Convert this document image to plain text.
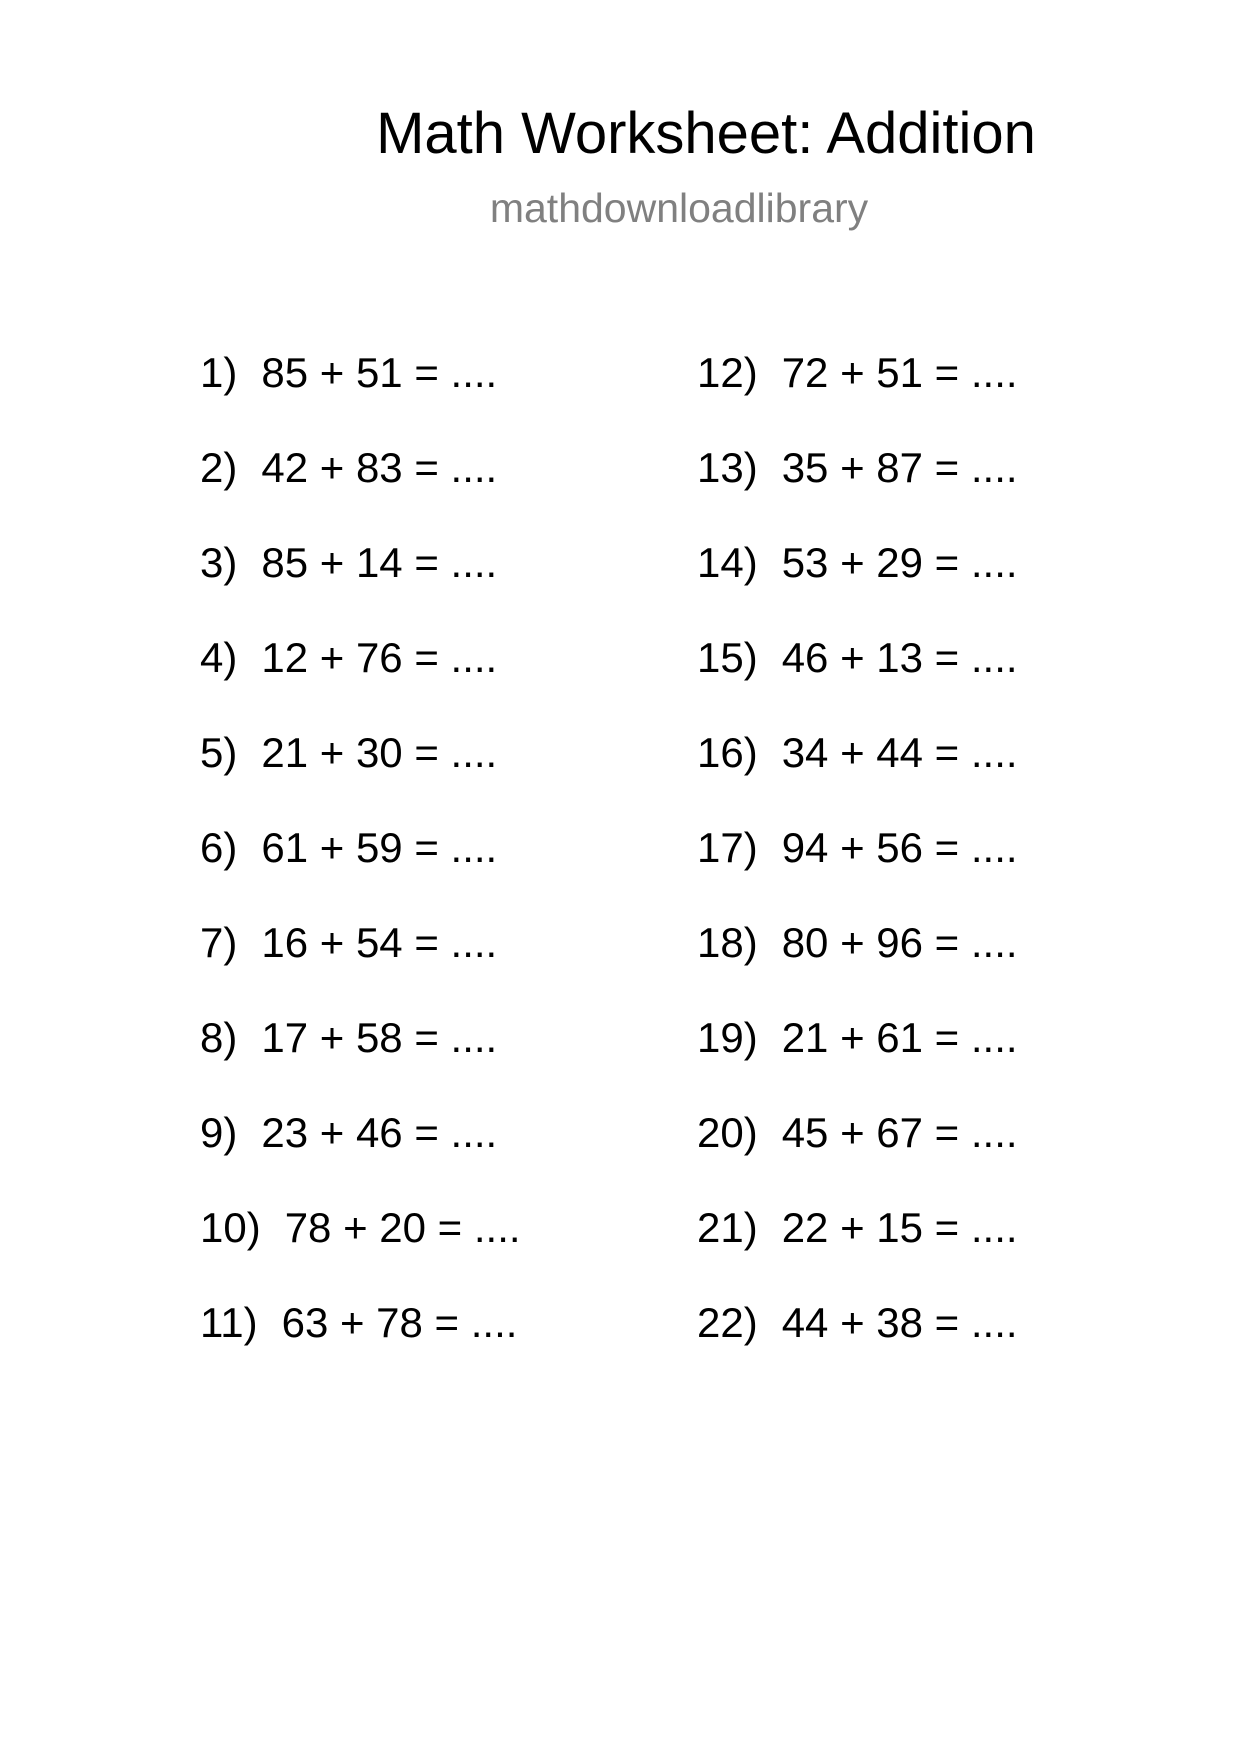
Math Worksheet: Addition
mathdownloadlibrary
1) 85 + 51 = ....
2) 42 + 83 = ....
3) 85 + 14 = ....
4) 12 + 76 = ....
5) 21 + 30 = ....
6) 61 + 59 = ....
7) 16 + 54 = ....
8) 17 + 58 = ....
9) 23 + 46 = ....
10) 78 + 20 = ....
11) 63 + 78 = ....
12) 72 + 51 = ....
13) 35 + 87 = ....
14) 53 + 29 = ....
15) 46 + 13 = ....
16) 34 + 44 = ....
17) 94 + 56 = ....
18) 80 + 96 = ....
19) 21 + 61 = ....
20) 45 + 67 = ....
21) 22 + 15 = ....
22) 44 + 38 = ....
